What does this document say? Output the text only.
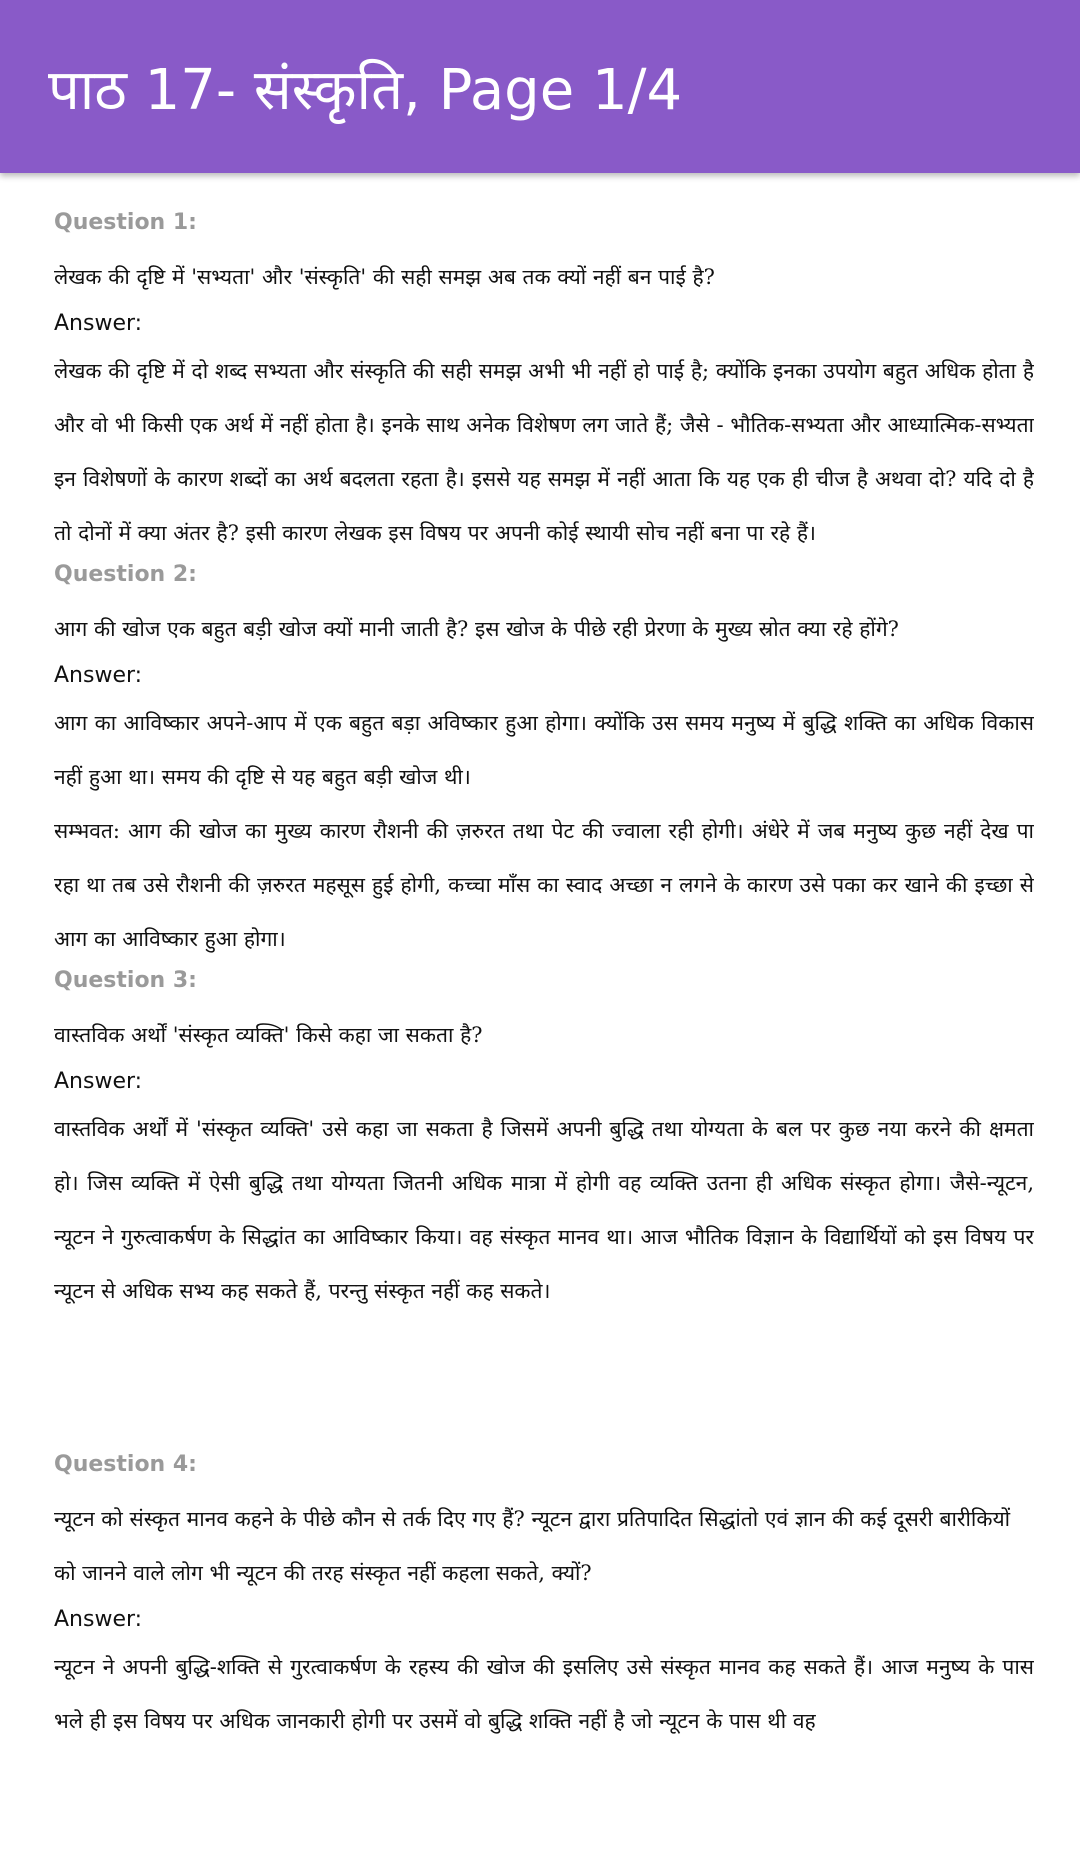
पाठ 17- संस्कृति, Page 1/4
Question 1:

लेखक की दृष्टि में 'सभ्यता' और 'संस्कृति' की सही समझ अब तक क्यों नहीं बन पाई है?

Answer:

लेखक की दृष्टि में दो शब्द सभ्यता और संस्कृति की सही समझ अभी भी नहीं हो पाई है; क्योंकि इनका उपयोग बहुत अधिक होता है और वो भी किसी एक अर्थ में नहीं होता है। इनके साथ अनेक विशेषण लग जाते हैं; जैसे - भौतिक-सभ्यता और आध्यात्मिक-सभ्यता इन विशेषणों के कारण शब्दों का अर्थ बदलता रहता है। इससे यह समझ में नहीं आता कि यह एक ही चीज है अथवा दो? यदि दो है तो दोनों में क्या अंतर है? इसी कारण लेखक इस विषय पर अपनी कोई स्थायी सोच नहीं बना पा रहे हैं।

Question 2:

आग की खोज एक बहुत बड़ी खोज क्यों मानी जाती है? इस खोज के पीछे रही प्रेरणा के मुख्य स्रोत क्या रहे होंगे?

Answer:

आग का आविष्कार अपने-आप में एक बहुत बड़ा अविष्कार हुआ होगा। क्योंकि उस समय मनुष्य में बुद्धि शक्ति का अधिक विकास नहीं हुआ था। समय की दृष्टि से यह बहुत बड़ी खोज थी।

सम्भवत: आग की खोज का मुख्य कारण रौशनी की ज़रुरत तथा पेट की ज्वाला रही होगी। अंधेरे में जब मनुष्य कुछ नहीं देख पा रहा था तब उसे रौशनी की ज़रुरत महसूस हुई होगी, कच्चा माँस का स्वाद अच्छा न लगने के कारण उसे पका कर खाने की इच्छा से आग का आविष्कार हुआ होगा।

Question 3:

वास्तविक अर्थों 'संस्कृत व्यक्ति' किसे कहा जा सकता है?

Answer:

वास्तविक अर्थों में 'संस्कृत व्यक्ति' उसे कहा जा सकता है जिसमें अपनी बुद्धि तथा योग्यता के बल पर कुछ नया करने की क्षमता हो। जिस व्यक्ति में ऐसी बुद्धि तथा योग्यता जितनी अधिक मात्रा में होगी वह व्यक्ति उतना ही अधिक संस्कृत होगा। जैसे-न्यूटन, न्यूटन ने गुरुत्वाकर्षण के सिद्धांत का आविष्कार किया। वह संस्कृत मानव था। आज भौतिक विज्ञान के विद्यार्थियों को इस विषय पर न्यूटन से अधिक सभ्य कह सकते हैं, परन्तु संस्कृत नहीं कह सकते।

Question 4:

न्यूटन को संस्कृत मानव कहने के पीछे कौन से तर्क दिए गए हैं? न्यूटन द्वारा प्रतिपादित सिद्धांतो एवं ज्ञान की कई दूसरी बारीकियों को जानने वाले लोग भी न्यूटन की तरह संस्कृत नहीं कहला सकते, क्यों?

Answer:

न्यूटन ने अपनी बुद्धि-शक्ति से गुरत्वाकर्षण के रहस्य की खोज की इसलिए उसे संस्कृत मानव कह सकते हैं। आज मनुष्य के पास भले ही इस विषय पर अधिक जानकारी होगी पर उसमें वो बुद्धि शक्ति नहीं है जो न्यूटन के पास थी वह
